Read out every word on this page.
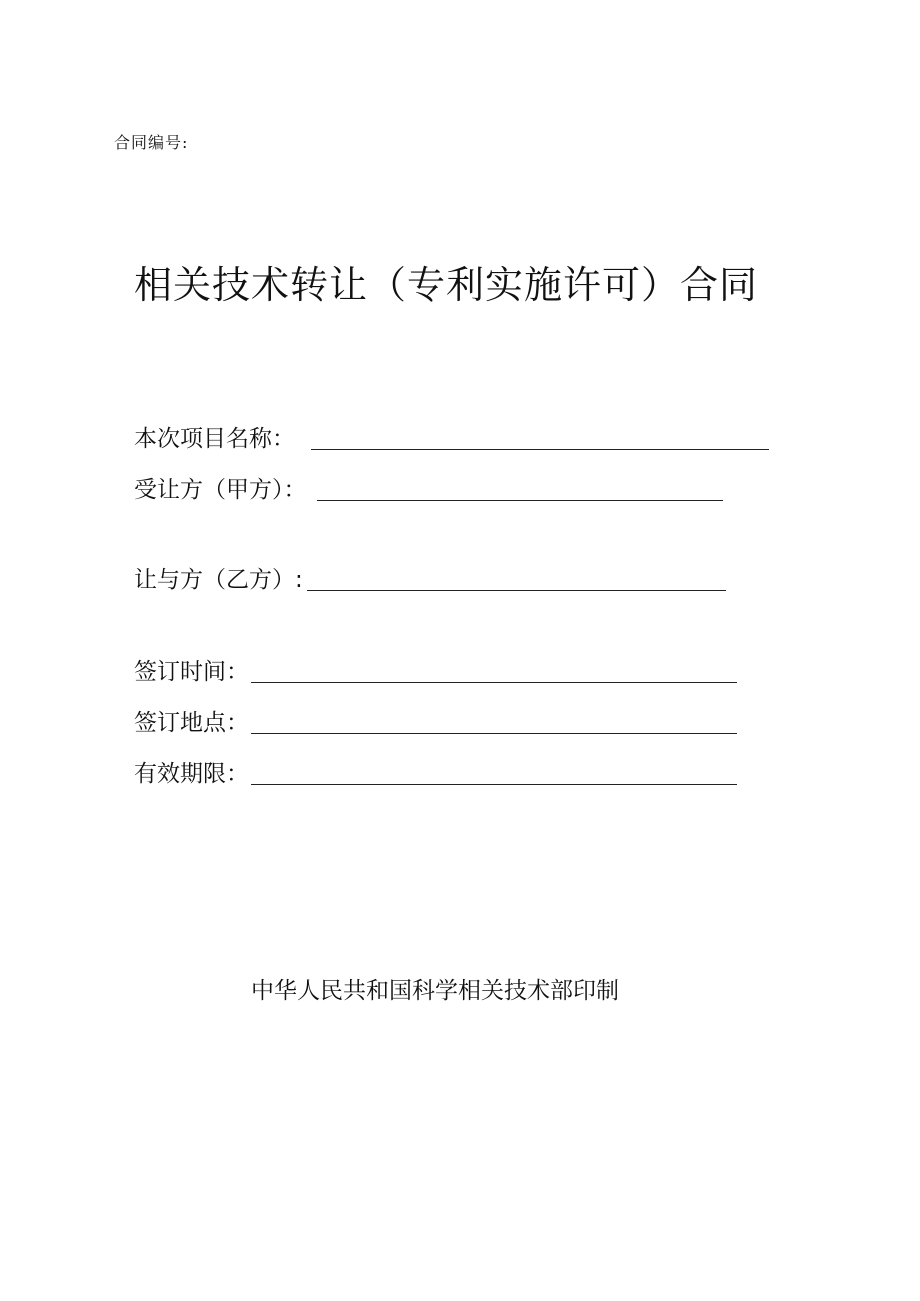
合同编号:
相关技术转让（专利实施许可）合同
本次项目名称：
受让方（甲方）：
让与方（乙方）:
签订时间：
签订地点：
有效期限：
中华人民共和国科学相关技术部印制
